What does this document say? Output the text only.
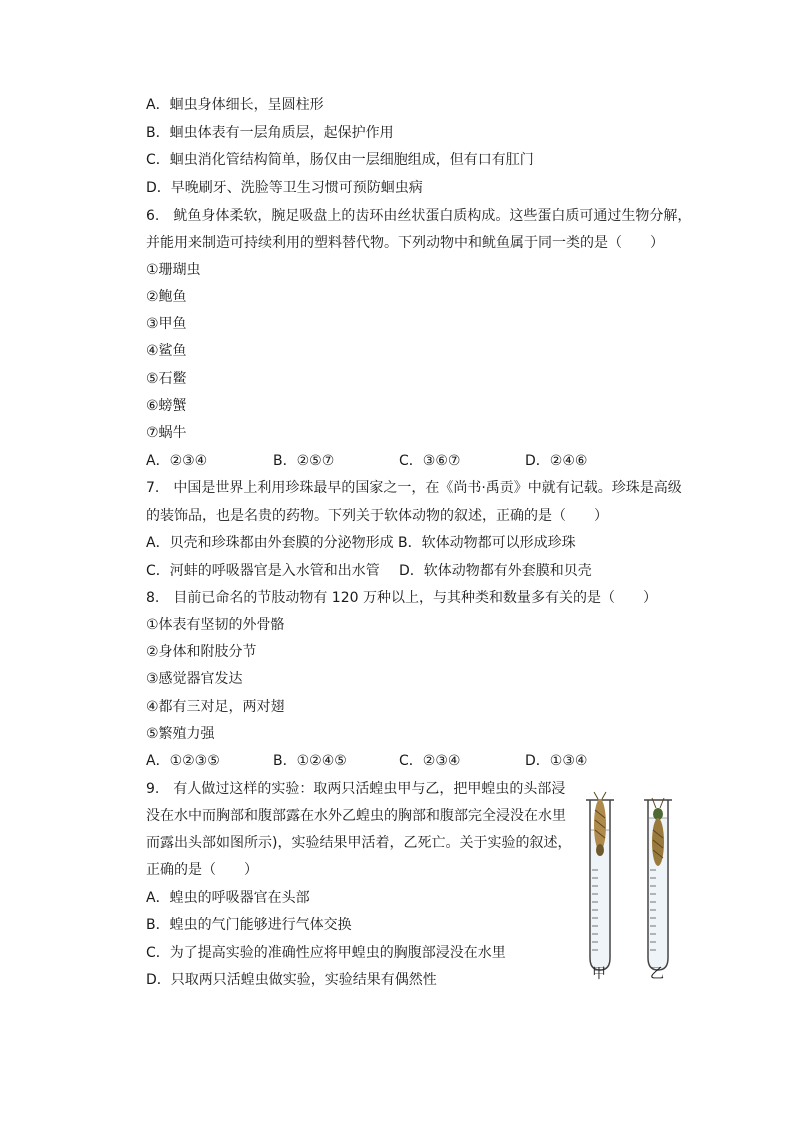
A．蛔虫身体细长，呈圆柱形
B．蛔虫体表有一层角质层，起保护作用
C．蛔虫消化管结构简单，肠仅由一层细胞组成，但有口有肛门
D．早晚刷牙、洗脸等卫生习惯可预防蛔虫病
6.　鱿鱼身体柔软，腕足吸盘上的齿环由丝状蛋白质构成。这些蛋白质可通过生物分解，
并能用来制造可持续利用的塑料替代物。下列动物中和鱿鱼属于同一类的是（　　）
①珊瑚虫
②鲍鱼
③甲鱼
④鲨鱼
⑤石鳖
⑥螃蟹
⑦蜗牛
A．②③④	B．②⑤⑦	C．③⑥⑦	D．②④⑥
7.　中国是世界上利用珍珠最早的国家之一，在《尚书·禹贡》中就有记载。珍珠是高级
的装饰品，也是名贵的药物。下列关于软体动物的叙述，正确的是（　　）
A．贝壳和珍珠都由外套膜的分泌物形成 B．软体动物都可以形成珍珠
C．河蚌的呼吸器官是入水管和出水管 D．软体动物都有外套膜和贝壳
8.　目前已命名的节肢动物有 120 万种以上，与其种类和数量多有关的是（　　）
①体表有坚韧的外骨骼
②身体和附肢分节
③感觉器官发达
④都有三对足，两对翅
⑤繁殖力强
A．①②③⑤	B．①②④⑤	C．②③④	D．①③④
9.　有人做过这样的实验：取两只活蝗虫甲与乙，把甲蝗虫的头部浸
没在水中而胸部和腹部露在水外乙蝗虫的胸部和腹部完全浸没在水里
而露出头部如图所示)，实验结果甲活着，乙死亡。关于实验的叙述，
正确的是（　　）
A．蝗虫的呼吸器官在头部
B．蝗虫的气门能够进行气体交换
C．为了提高实验的准确性应将甲蝗虫的胸腹部浸没在水里
D．只取两只活蝗虫做实验，实验结果有偶然性	甲	乙
